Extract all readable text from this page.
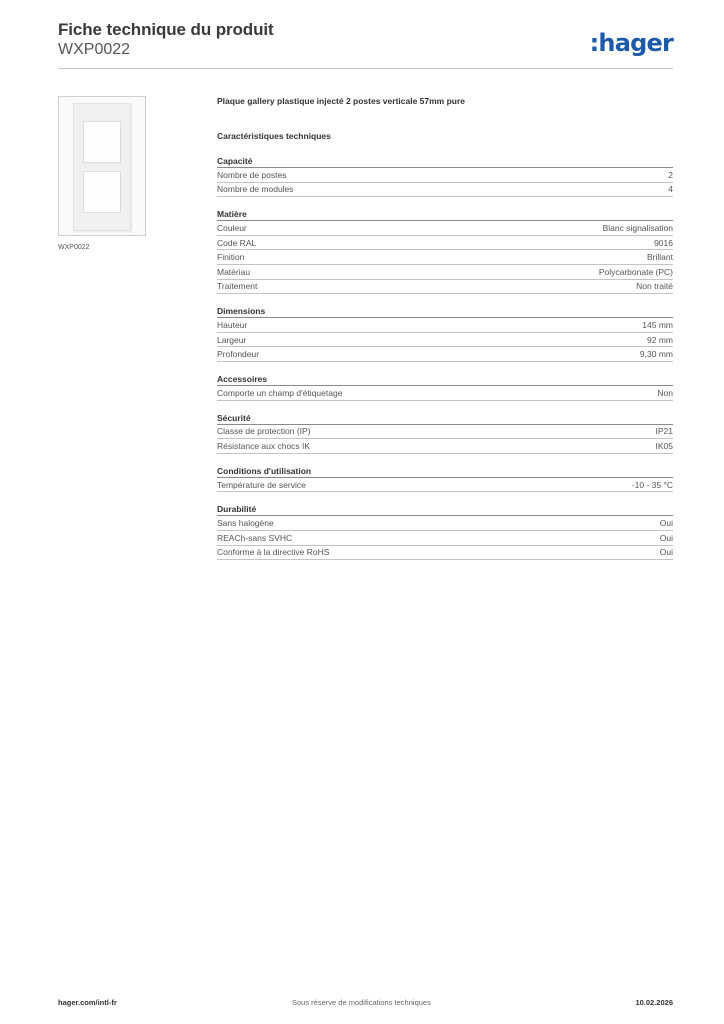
Fiche technique du produit
WXP0022	:hager
WXP0022
Plaque gallery plastique injecté 2 postes verticale 57mm pure
Caractéristiques techniques
Capacité
Nombre de postes	2
Nombre de modules	4
Matière
Couleur	Blanc signalisation
Code RAL	9016
Finition	Brillant
Matériau	Polycarbonate (PC)
Traitement	Non traité
Dimensions
Hauteur	145 mm
Largeur	92 mm
Profondeur	9,30 mm
Accessoires
Comporte un champ d'étiquetage	Non
Sécurité
Classe de protection (IP)	IP21
Résistance aux chocs IK	IK05
Conditions d'utilisation
Température de service	-10 - 35 °C
Durabilité
Sans halogène	Oui
REACh-sans SVHC	Oui
Conforme à la directive RoHS	Oui
hager.com/intl-fr	Sous réserve de modifications techniques	10.02.2026
